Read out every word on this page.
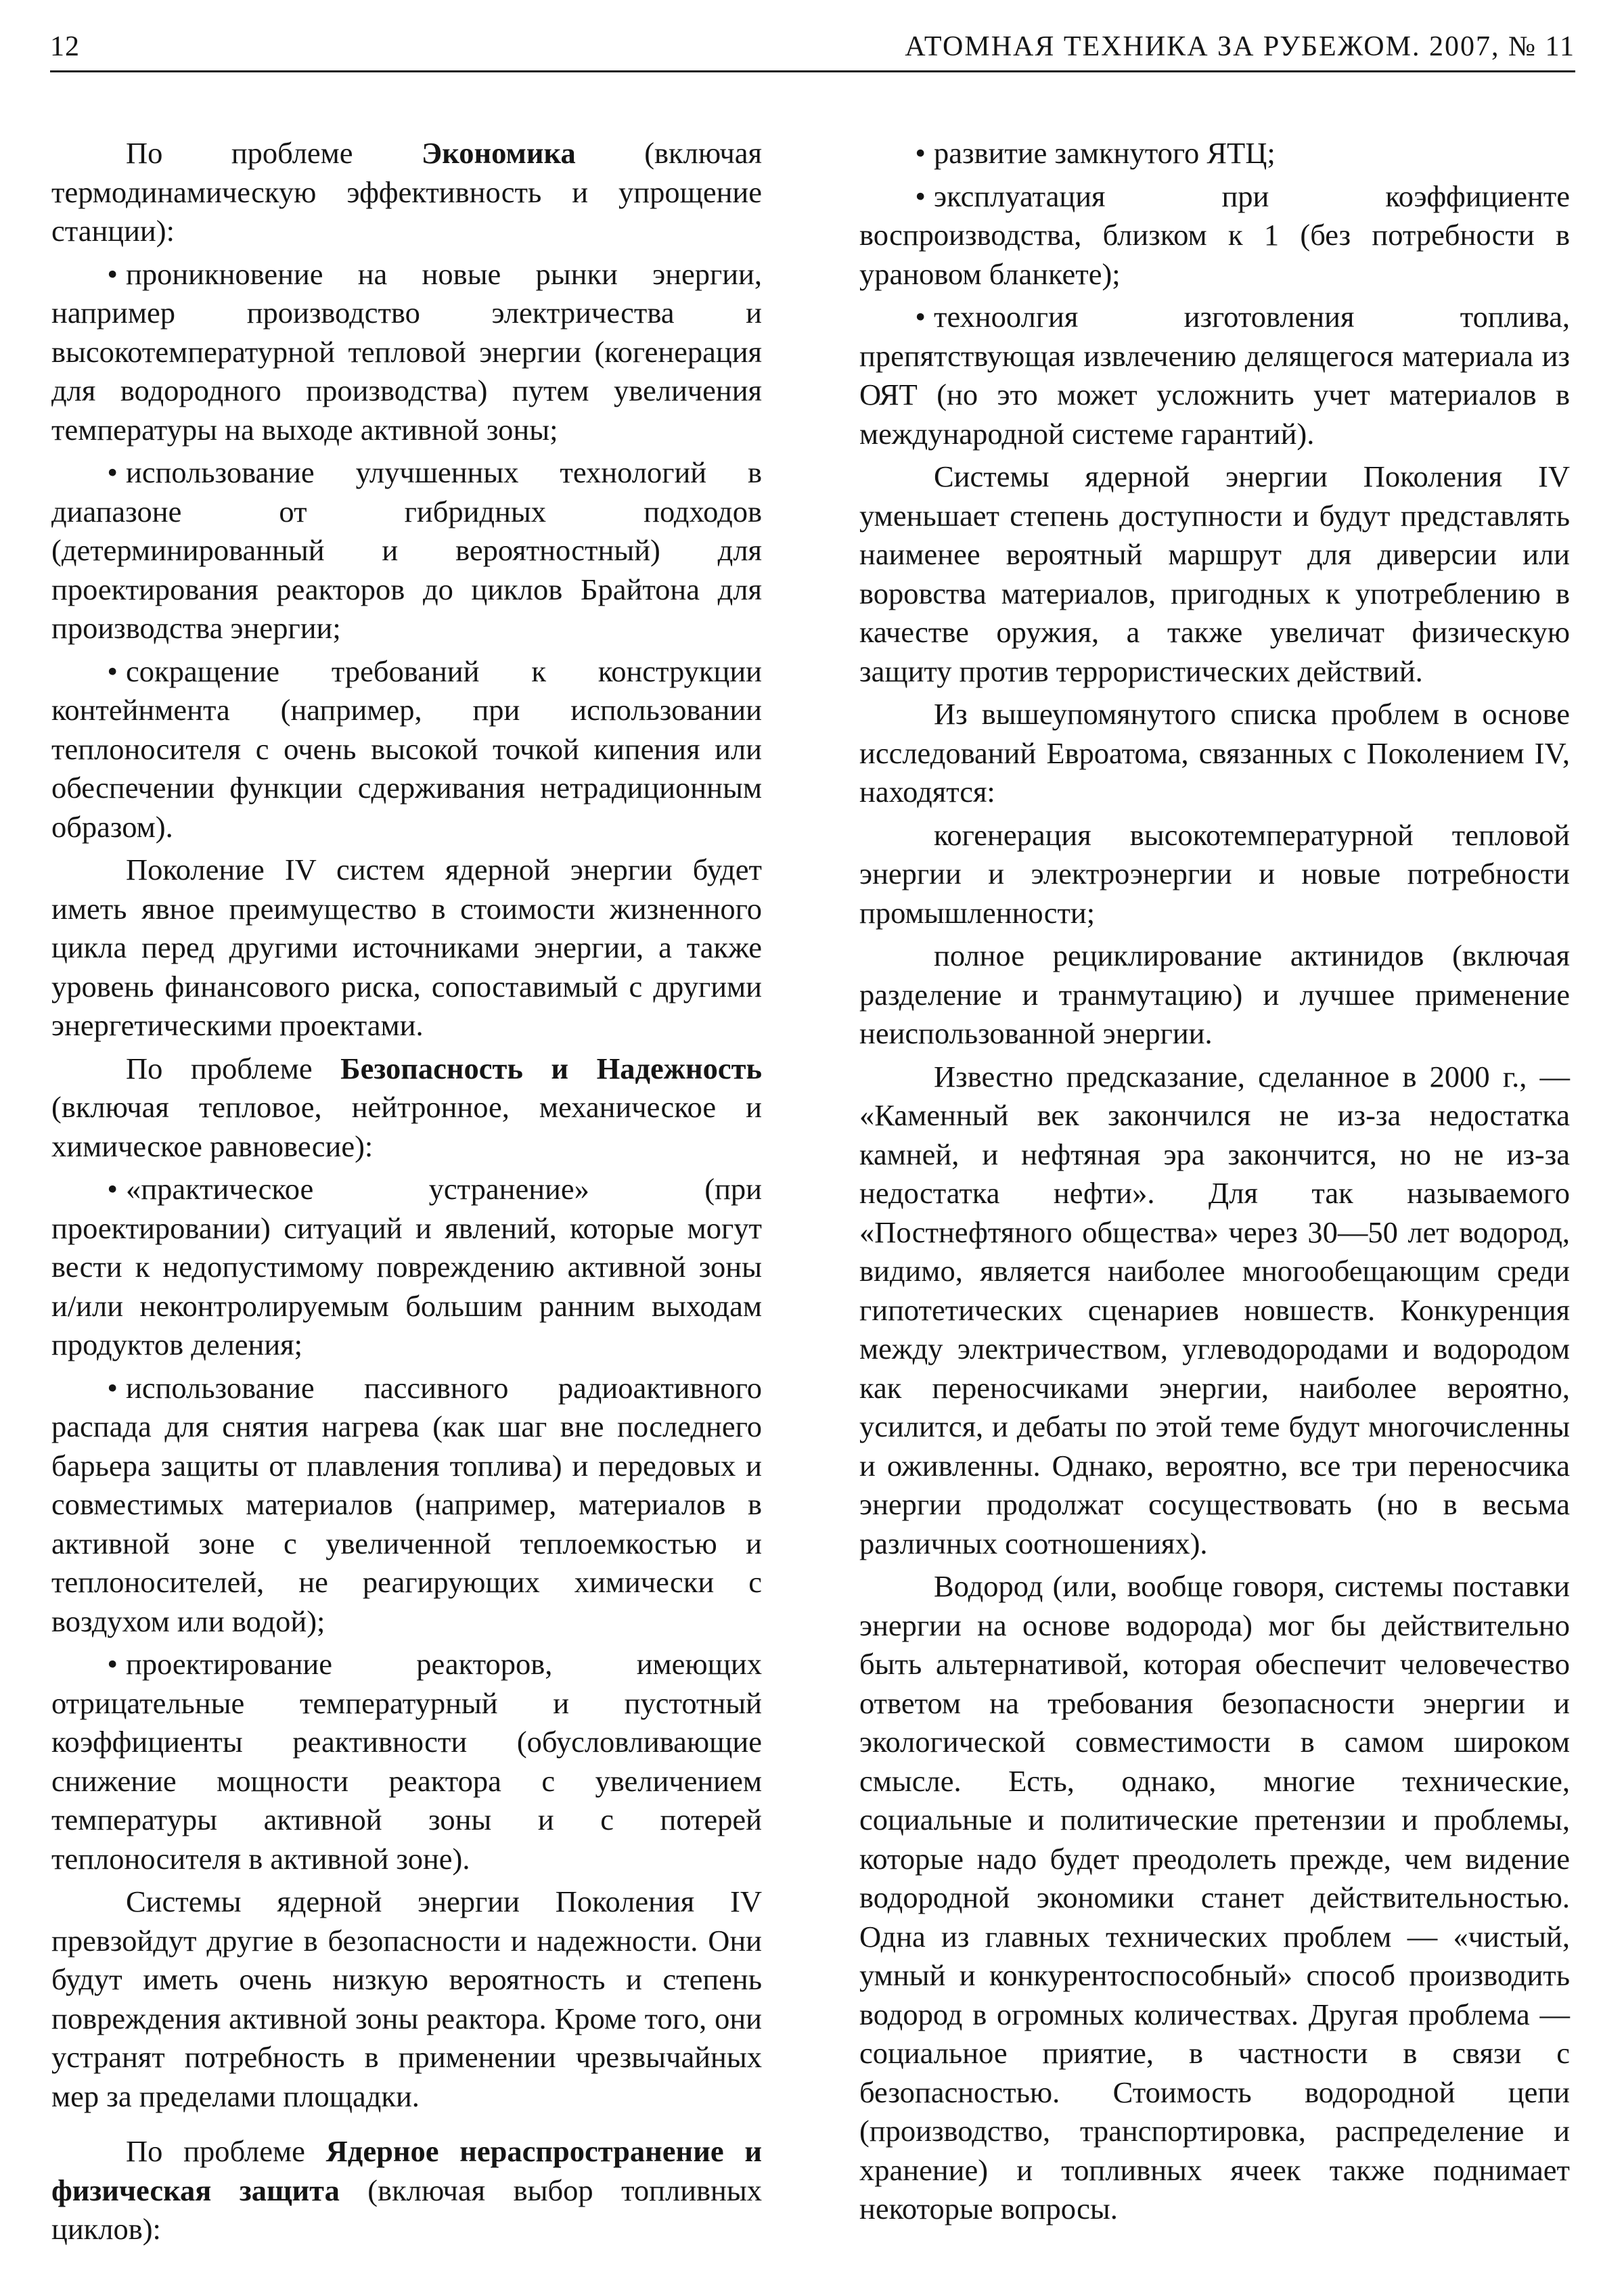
12	АТОМНАЯ ТЕХНИКА ЗА РУБЕЖОМ. 2007, № 11

По проблеме Экономика (включая термодинамическую эффективность и упрощение станции):

• проникновение на новые рынки энергии, например производство электричества и высокотемпературной тепловой энергии (когенерация для водородного производства) путем увеличения температуры на выходе активной зоны;

• использование улучшенных технологий в диапазоне от гибридных подходов (детерминированный и вероятностный) для проектирования реакторов до циклов Брайтона для производства энергии;

• сокращение требований к конструкции контейнмента (например, при использовании теплоносителя с очень высокой точкой кипения или обеспечении функции сдерживания нетрадиционным образом).

Поколение IV систем ядерной энергии будет иметь явное преимущество в стоимости жизненного цикла перед другими источниками энергии, а также уровень финансового риска, сопоставимый с другими энергетическими проектами.

По проблеме Безопасность и Надежность (включая тепловое, нейтронное, механическое и химическое равновесие):

• «практическое устранение» (при проектировании) ситуаций и явлений, которые могут вести к недопустимому повреждению активной зоны и/или неконтролируемым большим ранним выходам продуктов деления;

• использование пассивного радиоактивного распада для снятия нагрева (как шаг вне последнего барьера защиты от плавления топлива) и передовых и совместимых материалов (например, материалов в активной зоне с увеличенной теплоемкостью и теплоносителей, не реагирующих химически с воздухом или водой);

• проектирование реакторов, имеющих отрицательные температурный и пустотный коэффициенты реактивности (обусловливающие снижение мощности реактора с увеличением температуры активной зоны и с потерей теплоносителя в активной зоне).

Системы ядерной энергии Поколения IV превзойдут другие в безопасности и надежности. Они будут иметь очень низкую вероятность и степень повреждения активной зоны реактора. Кроме того, они устранят потребность в применении чрезвычайных мер за пределами площадки.

По проблеме Ядерное нераспространение и физическая защита (включая выбор топливных циклов):

• развитие замкнутого ЯТЦ;

• эксплуатация при коэффициенте воспроизводства, близком к 1 (без потребности в урановом бланкете);

• техноолгия изготовления топлива, препятствующая извлечению делящегося материала из ОЯТ (но это может усложнить учет материалов в международной системе гарантий).

Системы ядерной энергии Поколения IV уменьшает степень доступности и будут представлять наименее вероятный маршрут для диверсии или воровства материалов, пригодных к употреблению в качестве оружия, а также увеличат физическую защиту против террористических действий.

Из вышеупомянутого списка проблем в основе исследований Евроатома, связанных с Поколением IV, находятся:

когенерация высокотемпературной тепловой энергии и электроэнергии и новые потребности промышленности;

полное рециклирование актинидов (включая разделение и транмутацию) и лучшее применение неиспользованной энергии.

Известно предсказание, сделанное в 2000 г., — «Каменный век закончился не из-за недостатка камней, и нефтяная эра закончится, но не из-за недостатка нефти». Для так называемого «Постнефтяного общества» через 30—50 лет водород, видимо, является наиболее многообещающим среди гипотетических сценариев новшеств. Конкуренция между электричеством, углеводородами и водородом как переносчиками энергии, наиболее вероятно, усилится, и дебаты по этой теме будут многочисленны и оживленны. Однако, вероятно, все три переносчика энергии продолжат сосуществовать (но в весьма различных соотношениях).

Водород (или, вообще говоря, системы поставки энергии на основе водорода) мог бы действительно быть альтернативой, которая обеспечит человечество ответом на требования безопасности энергии и экологической совместимости в самом широком смысле. Есть, однако, многие технические, социальные и политические претензии и проблемы, которые надо будет преодолеть прежде, чем видение водородной экономики станет действительностью. Одна из главных технических проблем — «чистый, умный и конкурентоспособный» способ производить водород в огромных количествах. Другая проблема — социальное приятие, в частности в связи с безопасностью. Стоимость водородной цепи (производство, транспортировка, распределение и хранение) и топливных ячеек также поднимает некоторые вопросы.
